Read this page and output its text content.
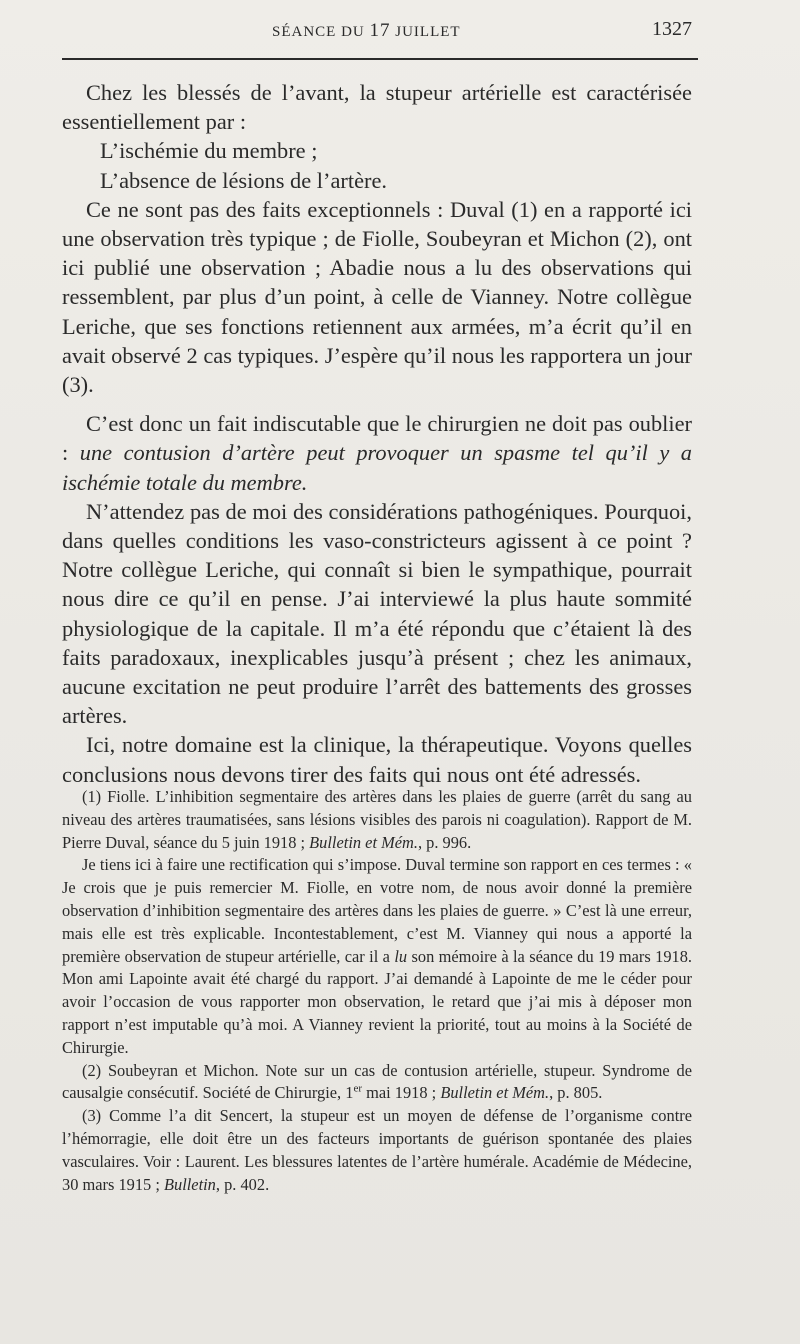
SÉANCE DU 17 JUILLET	1327

Chez les blessés de l’avant, la stupeur artérielle est caractérisée essentiellement par :

L’ischémie du membre ;

L’absence de lésions de l’artère.

Ce ne sont pas des faits exceptionnels : Duval (1) en a rapporté ici une observation très typique ; de Fiolle, Soubeyran et Michon (2), ont ici publié une observation ; Abadie nous a lu des observations qui ressemblent, par plus d’un point, à celle de Vianney. Notre collègue Leriche, que ses fonctions retiennent aux armées, m’a écrit qu’il en avait observé 2 cas typiques. J’espère qu’il nous les rapportera un jour (3).

C’est donc un fait indiscutable que le chirurgien ne doit pas oublier : une contusion d’artère peut provoquer un spasme tel qu’il y a ischémie totale du membre.

N’attendez pas de moi des considérations pathogéniques. Pourquoi, dans quelles conditions les vaso-constricteurs agissent à ce point ? Notre collègue Leriche, qui connaît si bien le sympathique, pourrait nous dire ce qu’il en pense. J’ai interviewé la plus haute sommité physiologique de la capitale. Il m’a été répondu que c’étaient là des faits paradoxaux, inexplicables jusqu’à présent ; chez les animaux, aucune excitation ne peut produire l’arrêt des battements des grosses artères.

Ici, notre domaine est la clinique, la thérapeutique. Voyons quelles conclusions nous devons tirer des faits qui nous ont été adressés.

(1) Fiolle. L’inhibition segmentaire des artères dans les plaies de guerre (arrêt du sang au niveau des artères traumatisées, sans lésions visibles des parois ni coagulation). Rapport de M. Pierre Duval, séance du 5 juin 1918 ; Bulletin et Mém., p. 996.

Je tiens ici à faire une rectification qui s’impose. Duval termine son rapport en ces termes : « Je crois que je puis remercier M. Fiolle, en votre nom, de nous avoir donné la première observation d’inhibition segmentaire des artères dans les plaies de guerre. » C’est là une erreur, mais elle est très explicable. Incontestablement, c’est M. Vianney qui nous a apporté la première observation de stupeur artérielle, car il a lu son mémoire à la séance du 19 mars 1918. Mon ami Lapointe avait été chargé du rapport. J’ai demandé à Lapointe de me le céder pour avoir l’occasion de vous rapporter mon observation, le retard que j’ai mis à déposer mon rapport n’est imputable qu’à moi. A Vianney revient la priorité, tout au moins à la Société de Chirurgie.

(2) Soubeyran et Michon. Note sur un cas de contusion artérielle, stupeur. Syndrome de causalgie consécutif. Société de Chirurgie, 1er mai 1918 ; Bulletin et Mém., p. 805.

(3) Comme l’a dit Sencert, la stupeur est un moyen de défense de l’organisme contre l’hémorragie, elle doit être un des facteurs importants de guérison spontanée des plaies vasculaires. Voir : Laurent. Les blessures latentes de l’artère humérale. Académie de Médecine, 30 mars 1915 ; Bulletin, p. 402.
